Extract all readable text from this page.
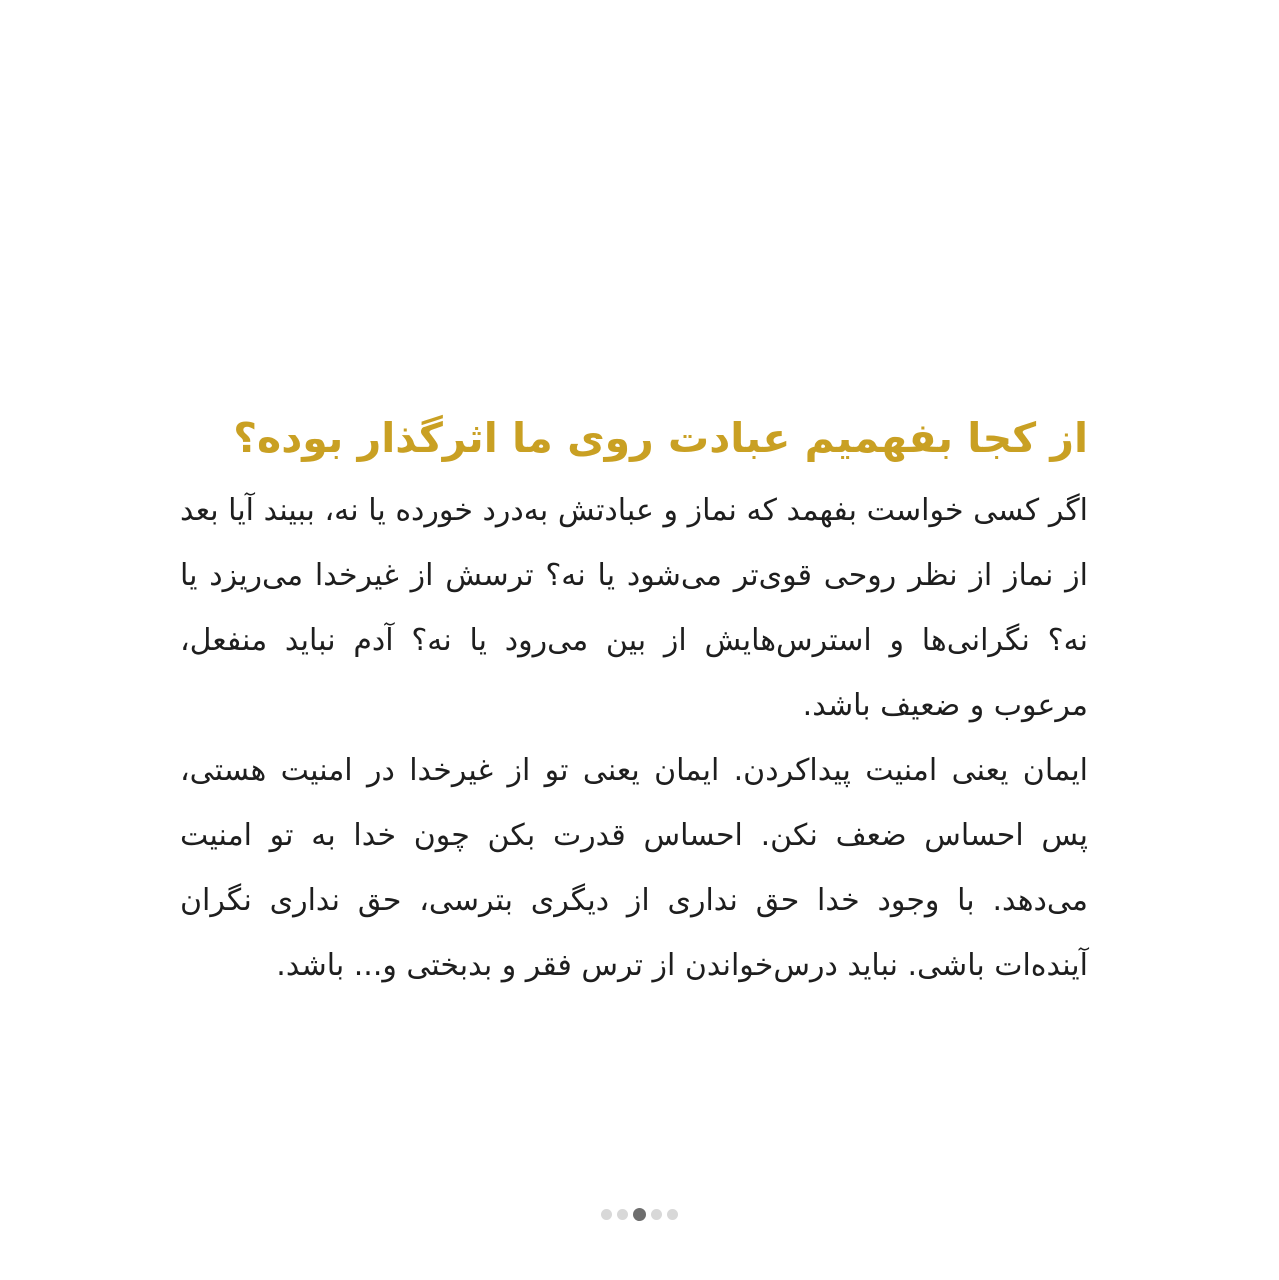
از کجا بفهمیم عبادت روی ما اثرگذار بوده؟

اگر کسی خواست بفهمد که نماز و عبادتش به‌درد خورده یا نه، ببیند آیا بعد از نماز از نظر روحی قوی‌تر می‌شود یا نه؟ ترسش از غیرخدا می‌ریزد یا نه؟ نگرانی‌ها و استرس‌هایش از بین می‌رود یا نه؟ آدم نباید منفعل، مرعوب و ضعیف باشد.

ایمان یعنی امنیت پیداکردن. ایمان یعنی تو از غیرخدا در امنیت هستی، پس احساس ضعف نکن. احساس قدرت بکن چون خدا به تو امنیت می‌دهد. با وجود خدا حق نداری از دیگری بترسی، حق نداری نگران آینده‌ات باشی. نباید درس‌خواندن از ترس فقر و بدبختی و... باشد.
